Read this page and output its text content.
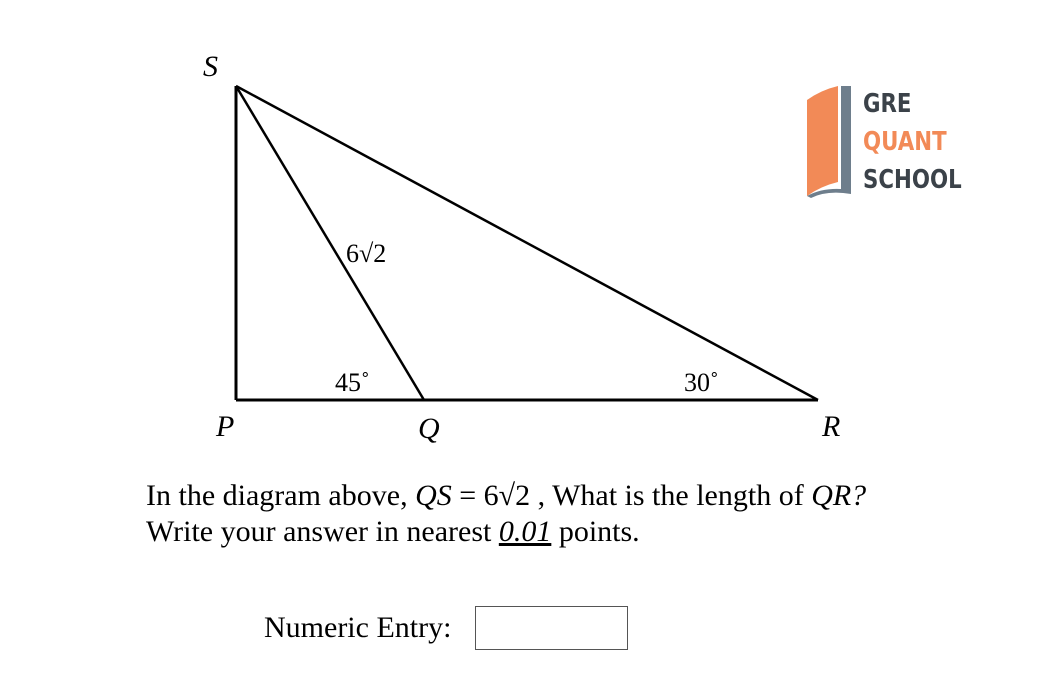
S
P	Q	R
6√2
45˚	30˚
GRE
QUANT
SCHOOL
In the diagram above, QS = 6√2 , What is the length of QR?
Write your answer in nearest 0.01 points.
Numeric Entry:
